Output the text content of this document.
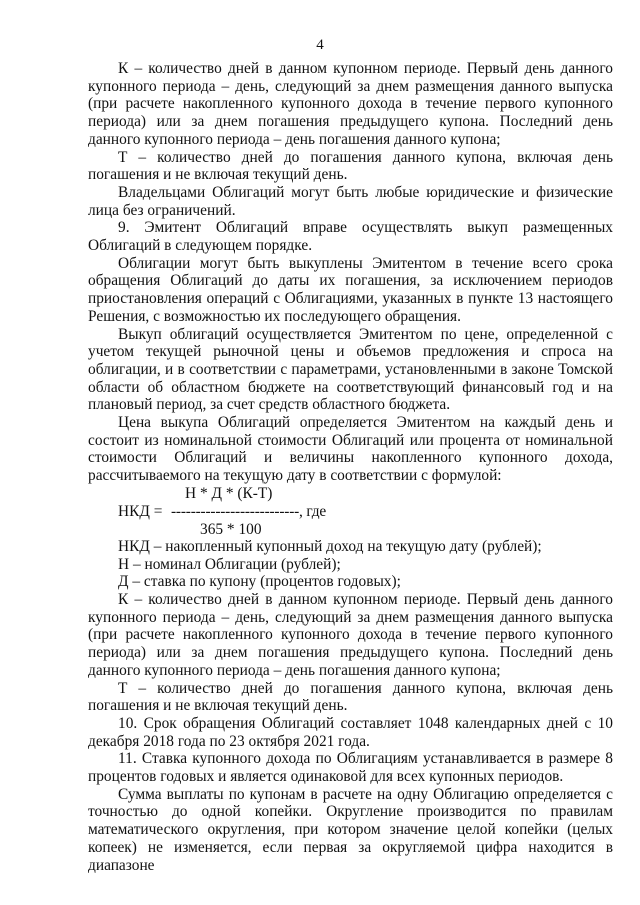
4

К – количество дней в данном купонном периоде. Первый день данного купонного периода – день, следующий за днем размещения данного выпуска (при расчете накопленного купонного дохода в течение первого купонного периода) или за днем погашения предыдущего купона. Последний день данного купонного периода – день погашения данного купона;

Т – количество дней до погашения данного купона, включая день погашения и не включая текущий день.

Владельцами Облигаций могут быть любые юридические и физические лица без ограничений.

9. Эмитент Облигаций вправе осуществлять выкуп размещенных Облигаций в следующем порядке.

Облигации могут быть выкуплены Эмитентом в течение всего срока обращения Облигаций до даты их погашения, за исключением периодов приостановления операций с Облигациями, указанных в пункте 13 настоящего Решения, с возможностью их последующего обращения.

Выкуп облигаций осуществляется Эмитентом по цене, определенной с учетом текущей рыночной цены и объемов предложения и спроса на облигации, и в соответствии с параметрами, установленными в законе Томской области об областном бюджете на соответствующий финансовый год и на плановый период, за счет средств областного бюджета.

Цена выкупа Облигаций определяется Эмитентом на каждый день и состоит из номинальной стоимости Облигаций или процента от номинальной стоимости Облигаций и величины накопленного купонного дохода, рассчитываемого на текущую дату в соответствии с формулой:

Н * Д * (К-Т)
НКД = --------------------------, где
365 * 100

НКД – накопленный купонный доход на текущую дату (рублей);

Н – номинал Облигации (рублей);

Д – ставка по купону (процентов годовых);

К – количество дней в данном купонном периоде. Первый день данного купонного периода – день, следующий за днем размещения данного выпуска (при расчете накопленного купонного дохода в течение первого купонного периода) или за днем погашения предыдущего купона. Последний день данного купонного периода – день погашения данного купона;

Т – количество дней до погашения данного купона, включая день погашения и не включая текущий день.

10. Срок обращения Облигаций составляет 1048 календарных дней с 10 декабря 2018 года по 23 октября 2021 года.

11. Ставка купонного дохода по Облигациям устанавливается в размере 8 процентов годовых и является одинаковой для всех купонных периодов.

Сумма выплаты по купонам в расчете на одну Облигацию определяется с точностью до одной копейки. Округление производится по правилам математического округления, при котором значение целой копейки (целых копеек) не изменяется, если первая за округляемой цифра находится в диапазоне
